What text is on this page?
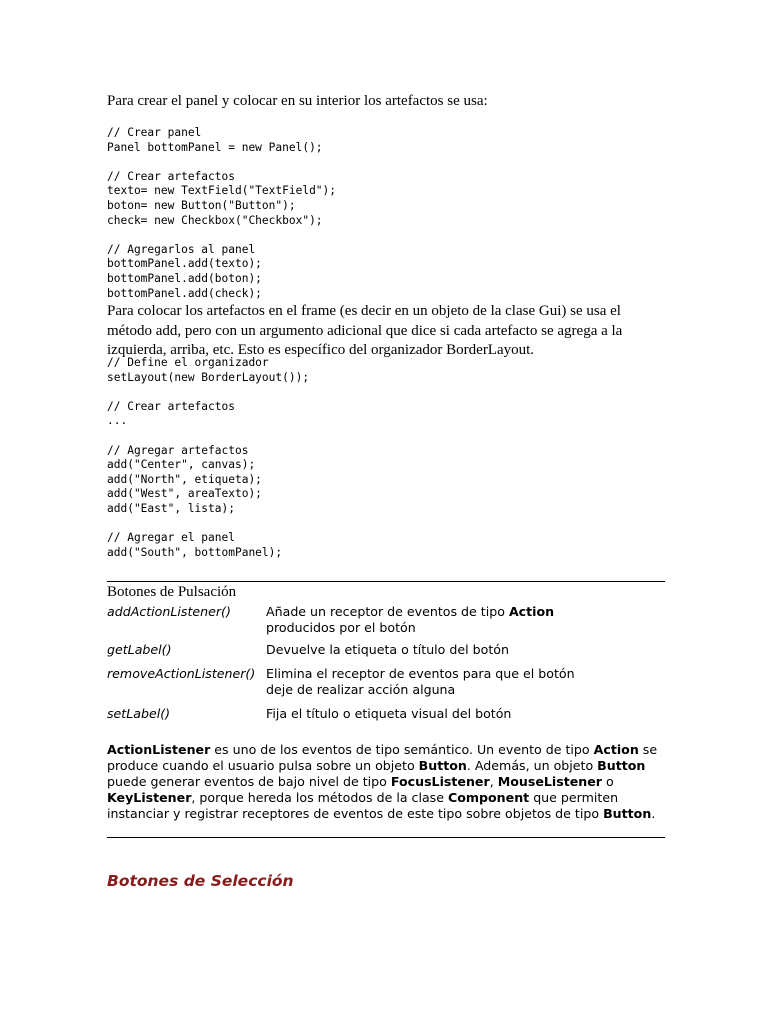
Para crear el panel y colocar en su interior los artefactos se usa:
// Crear panel
Panel bottomPanel = new Panel();

// Crear artefactos
texto= new TextField("TextField");
boton= new Button("Button");
check= new Checkbox("Checkbox");

// Agregarlos al panel
bottomPanel.add(texto);
bottomPanel.add(boton);
bottomPanel.add(check);
Para colocar los artefactos en el frame (es decir en un objeto de la clase Gui) se usa el método add, pero con un argumento adicional que dice si cada artefacto se agrega a la izquierda, arriba, etc. Esto es específico del organizador BorderLayout.
// Define el organizador
setLayout(new BorderLayout());

// Crear artefactos
...

// Agregar artefactos
add("Center", canvas);
add("North", etiqueta);
add("West", areaTexto);
add("East", lista);

// Agregar el panel
add("South", bottomPanel);
Botones de Pulsación
addActionListener()	Añade un receptor de eventos de tipo Action
producidos por el botón
getLabel()	Devuelve la etiqueta o título del botón
removeActionListener() Elimina el receptor de eventos para que el botón
deje de realizar acción alguna
setLabel()	Fija el título o etiqueta visual del botón
ActionListener es uno de los eventos de tipo semántico. Un evento de tipo Action se produce cuando el usuario pulsa sobre un objeto Button. Además, un objeto Button puede generar eventos de bajo nivel de tipo FocusListener, MouseListener o KeyListener, porque hereda los métodos de la clase Component que permiten instanciar y registrar receptores de eventos de este tipo sobre objetos de tipo Button.
Botones de Selección
